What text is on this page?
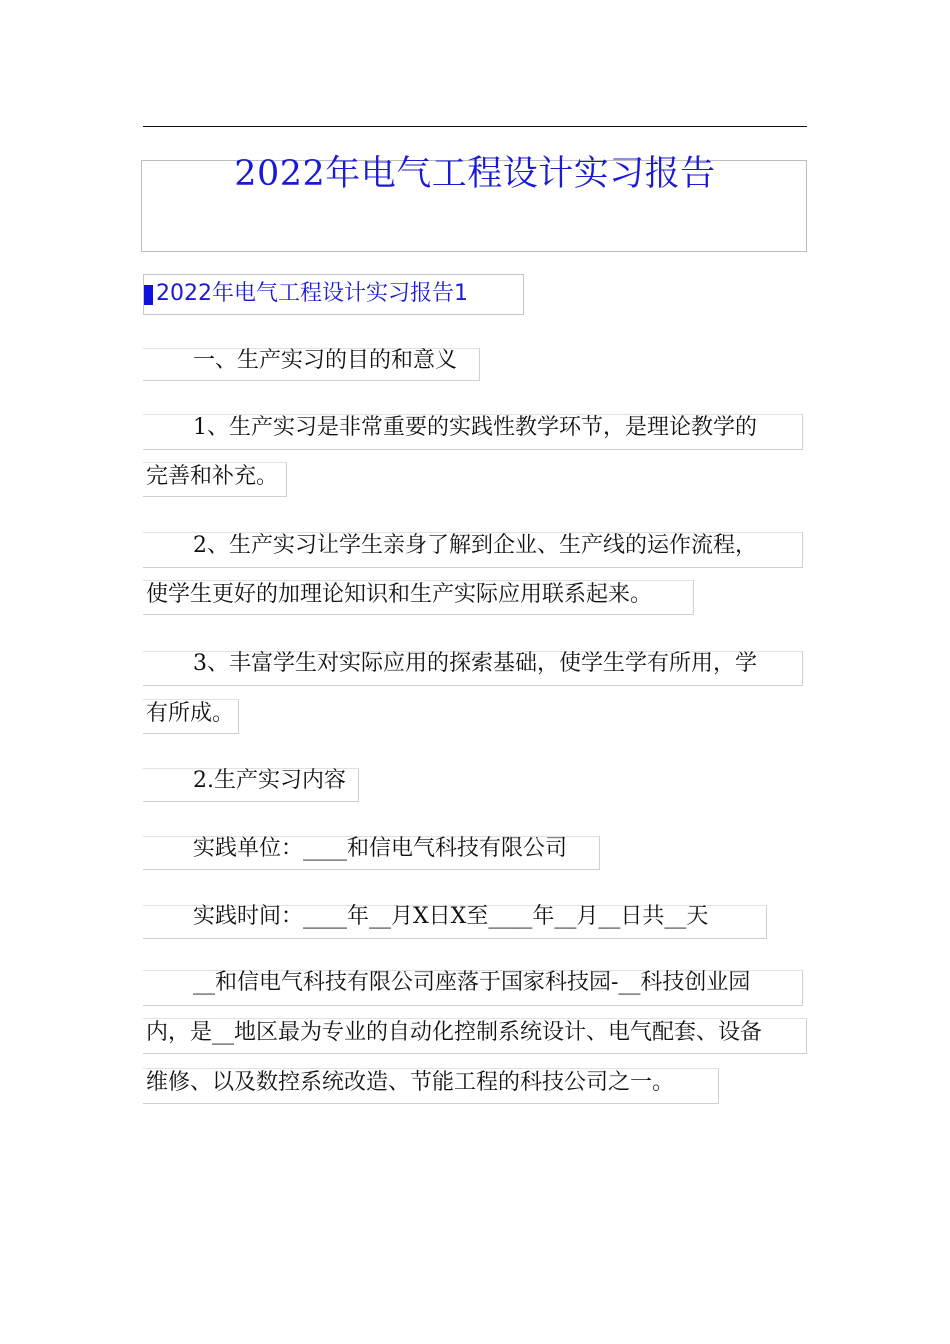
2022年电气工程设计实习报告
2022年电气工程设计实习报告1

一、生产实习的目的和意义

1、生产实习是非常重要的实践性教学环节，是理论教学的

完善和补充。

2、生产实习让学生亲身了解到企业、生产线的运作流程，

使学生更好的加理论知识和生产实际应用联系起来。

3、丰富学生对实际应用的探索基础，使学生学有所用，学

有所成。

2.生产实习内容

实践单位：____和信电气科技有限公司

实践时间：____年__月X日X至____年__月__日共__天

__和信电气科技有限公司座落于国家科技园-__科技创业园

内，是__地区最为专业的自动化控制系统设计、电气配套、设备

维修、以及数控系统改造、节能工程的科技公司之一。
